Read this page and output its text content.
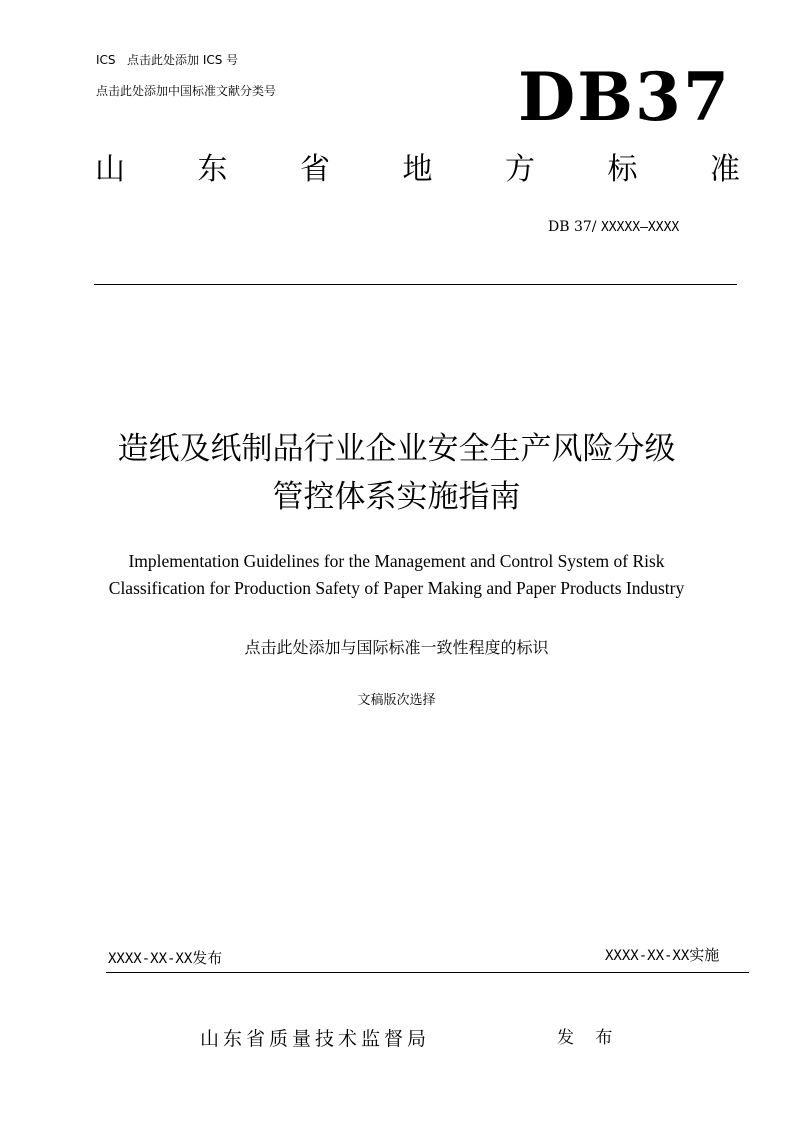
ICS 点击此处添加 ICS 号
点击此处添加中国标准文献分类号	DB37
山 东 省 地 方 标 准
DB 37/ XXXXX—XXXX
造纸及纸制品行业企业安全生产风险分级
管控体系实施指南
Implementation Guidelines for the Management and Control System of Risk
Classification for Production Safety of Paper Making and Paper Products Industry
点击此处添加与国际标准一致性程度的标识
文稿版次选择
XXXX-XX-XX发布	XXXX-XX-XX实施
山东省质量技术监督局	发 布
